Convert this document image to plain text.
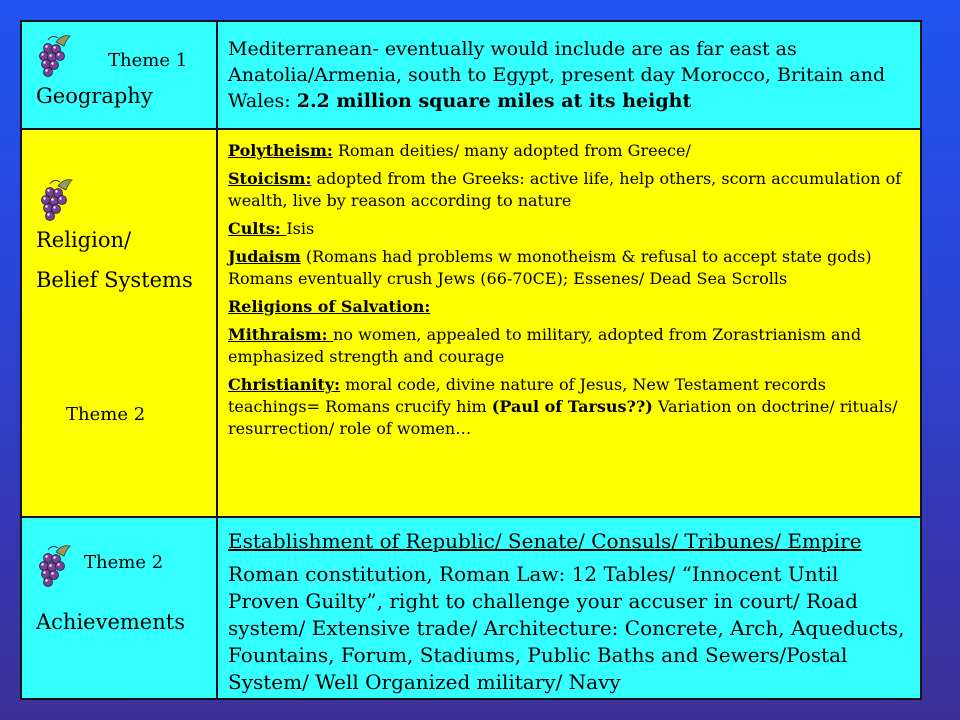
Theme 1
Geography
Mediterranean- eventually would include are as far east as Anatolia/Armenia, south to Egypt, present day Morocco, Britain and Wales: 2.2 million square miles at its height
Religion/
Belief Systems
Theme 2

Polytheism: Roman deities/ many adopted from Greece/

Stoicism: adopted from the Greeks: active life, help others, scorn accumulation of wealth, live by reason according to nature

Cults: Isis

Judaism (Romans had problems w monotheism & refusal to accept state gods) Romans eventually crush Jews (66-70CE); Essenes/ Dead Sea Scrolls

Religions of Salvation:

Mithraism: no women, appealed to military, adopted from Zorastrianism and emphasized strength and courage

Christianity: moral code, divine nature of Jesus, New Testament records teachings= Romans crucify him (Paul of Tarsus??) Variation on doctrine/ rituals/ resurrection/ role of women…

Theme 2
Achievements

Establishment of Republic/ Senate/ Consuls/ Tribunes/ Empire

Roman constitution, Roman Law: 12 Tables/ “Innocent Until Proven Guilty”, right to challenge your accuser in court/ Road system/ Extensive trade/ Architecture: Concrete, Arch, Aqueducts, Fountains, Forum, Stadiums, Public Baths and Sewers/Postal System/ Well Organized military/ Navy
